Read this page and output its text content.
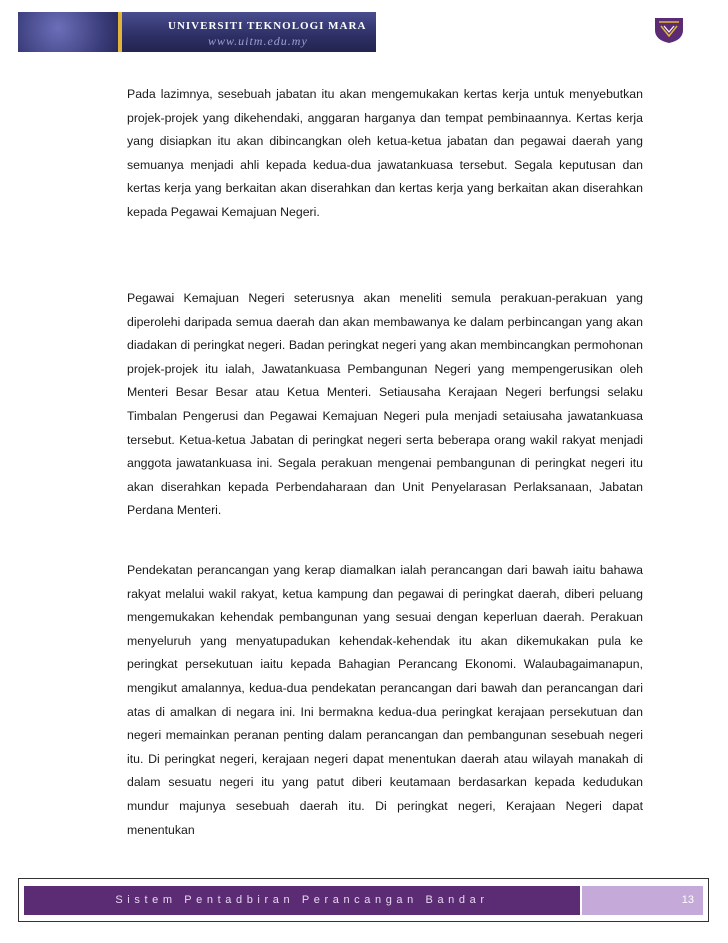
UNIVERSITI TEKNOLOGI MARA
www.uitm.edu.my

Pada lazimnya, sesebuah jabatan itu akan mengemukakan kertas kerja untuk menyebutkan projek-projek yang dikehendaki, anggaran harganya dan tempat pembinaannya. Kertas kerja yang disiapkan itu akan dibincangkan oleh ketua-ketua jabatan dan pegawai daerah yang semuanya menjadi ahli kepada kedua-dua jawatankuasa tersebut. Segala keputusan dan kertas kerja yang berkaitan akan diserahkan dan kertas kerja yang berkaitan akan diserahkan kepada Pegawai Kemajuan Negeri.

Pegawai Kemajuan Negeri seterusnya akan meneliti semula perakuan-perakuan yang diperolehi daripada semua daerah dan akan membawanya ke dalam perbincangan yang akan diadakan di peringkat negeri. Badan peringkat negeri yang akan membincangkan permohonan projek-projek itu ialah, Jawatankuasa Pembangunan Negeri yang mempengerusikan oleh Menteri Besar Besar atau Ketua Menteri. Setiausaha Kerajaan Negeri berfungsi selaku Timbalan Pengerusi dan Pegawai Kemajuan Negeri pula menjadi setaiusaha jawatankuasa tersebut. Ketua-ketua Jabatan di peringkat negeri serta beberapa orang wakil rakyat menjadi anggota jawatankuasa ini. Segala perakuan mengenai pembangunan di peringkat negeri itu akan diserahkan kepada Perbendaharaan dan Unit Penyelarasan Perlaksanaan, Jabatan Perdana Menteri.

Pendekatan perancangan yang kerap diamalkan ialah perancangan dari bawah iaitu bahawa rakyat melalui wakil rakyat, ketua kampung dan pegawai di peringkat daerah, diberi peluang mengemukakan kehendak pembangunan yang sesuai dengan keperluan daerah. Perakuan menyeluruh yang menyatupadukan kehendak-kehendak itu akan dikemukakan pula ke peringkat persekutuan iaitu kepada Bahagian Perancang Ekonomi. Walaubagaimanapun, mengikut amalannya, kedua-dua pendekatan perancangan dari bawah dan perancangan dari atas di amalkan di negara ini. Ini bermakna kedua-dua peringkat kerajaan persekutuan dan negeri memainkan peranan penting dalam perancangan dan pembangunan sesebuah negeri itu. Di peringkat negeri, kerajaan negeri dapat menentukan daerah atau wilayah manakah di dalam sesuatu negeri itu yang patut diberi keutamaan berdasarkan kepada kedudukan mundur majunya sesebuah daerah itu. Di peringkat negeri, Kerajaan Negeri dapat menentukan

Sistem Pentadbiran Perancangan Bandar	13
